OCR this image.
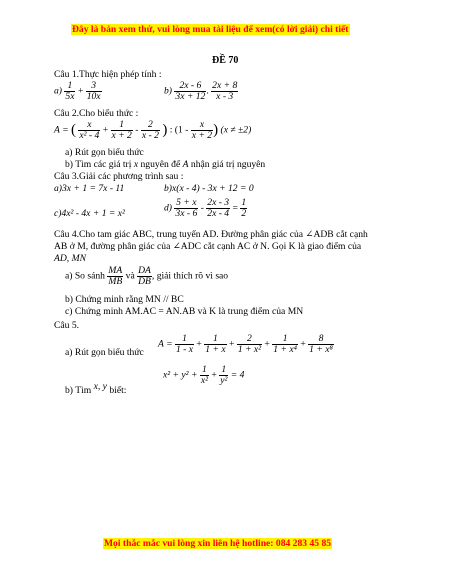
Đây là bản xem thử, vui lòng mua tài liệu để xem(có lời giải) chi tiết
ĐỀ 70
Câu 1.Thực hiện phép tính :
$a) \frac{1}{5x} + \frac{3}{10x}$	$b) \frac{2x - 6}{3x + 12}$ . $\frac{2x + 8}{x - 3}$
Câu 2.Cho biểu thức :
A = ( $\frac{x}{\text{x² - 4}} + \frac{1}{x + 2} - \frac{2}{x - 2}$ ) : ($1 - \frac{x}{x + 2}$ ) (x ≠ ±2)
a) Rút gọn biểu thức
b) Tìm các giá trị x nguyên để A nhận giá trị nguyên
Câu 3.Giải các phương trình sau :
a)3x + 1 = 7x - 11	b)x(x - 4) - 3x + 12 = 0
c)4x² - 4x + 1 = x²	$d) \frac{5 + x}{3x - 6} - \frac{2x - 3}{2x - 4} = \frac{1}{2}$
Câu 4.Cho tam giác ABC, trung tuyến AD. Đường phân giác của ∠ADB cắt cạnh
AB ở M, đường phân giác của ∠ADC cắt cạnh AC ở N. Gọi K là giao điểm của
AD, MN
a) So sánh $\frac{MA}{MB}$ và $\frac{DA}{DB}$ , giải thích rõ vì sao
b) Chứng minh rằng MN // BC
c) Chứng minh AM.AC = AN.AB và K là trung điểm của MN
Câu 5.
a) Rút gọn biểu thức
$A = \frac{1}{1 - x} + \frac{1}{1 + x} + \frac{2}{\text{1 + x²}} + \frac{1}{\text{1 + x⁴}} + \frac{8}{\text{1 + x⁸}}$
$x^2 + y^2 + \frac{1}{\text{x²}} + \frac{1}{\text{y²}} = 4$
b) Tìm x, y biết:
Mọi thắc mắc vui lòng xin liên hệ hotline: 084 283 45 85
